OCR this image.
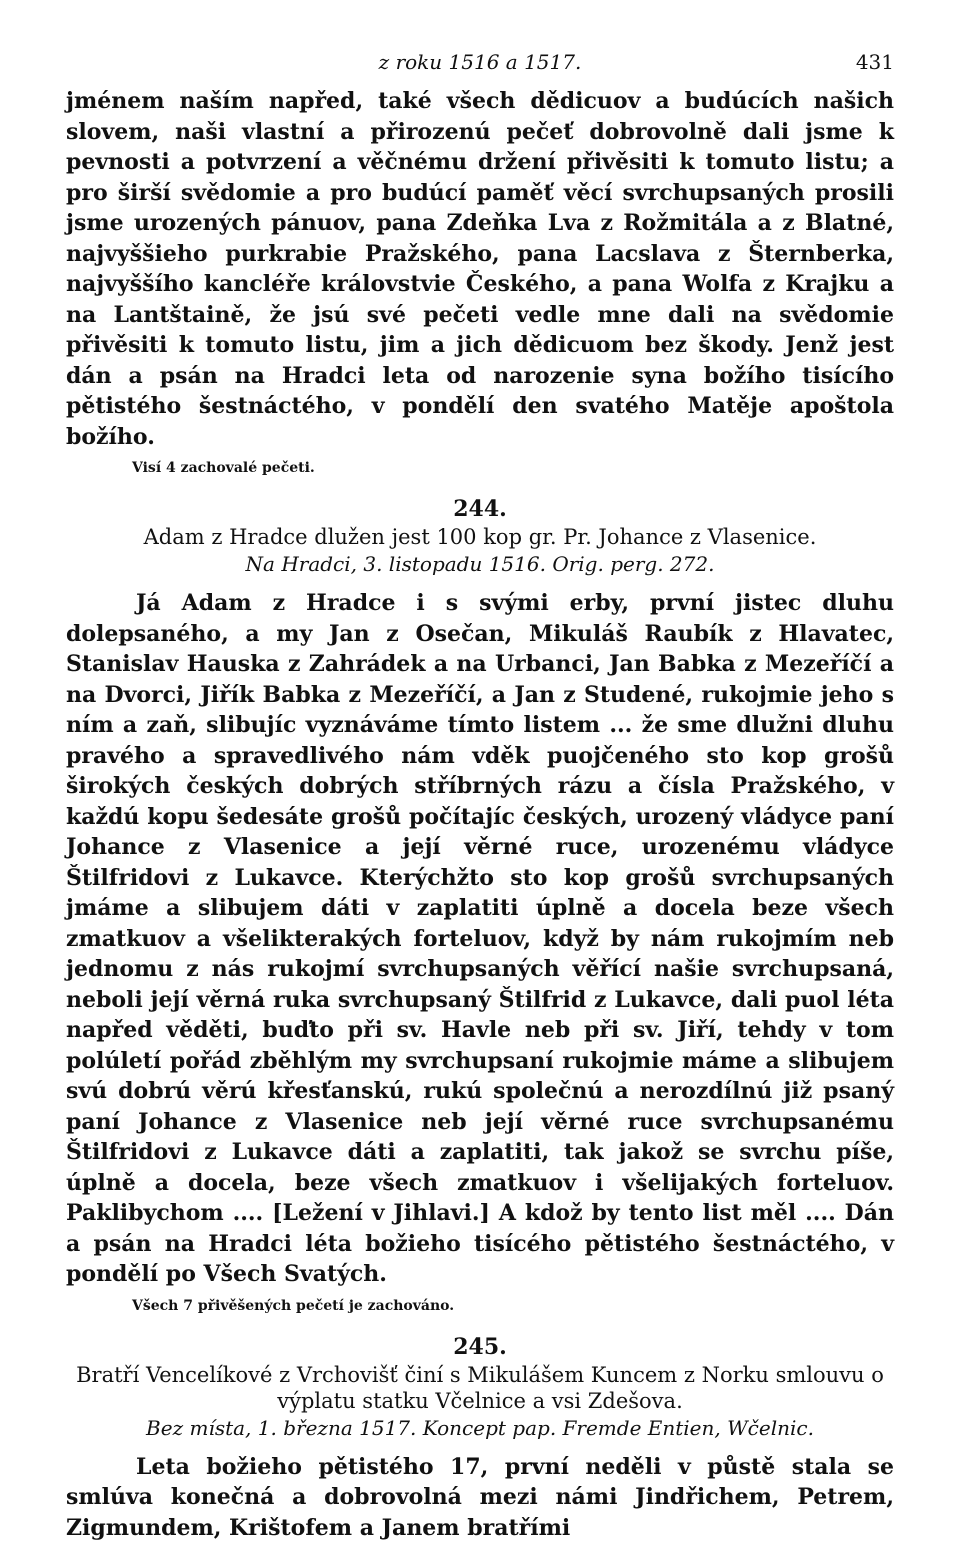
z roku 1516 a 1517.	431

jménem naším napřed, také všech dědicuov a budúcích našich slovem, naši vlastní a přirozenú pečeť dobrovolně dali jsme k pevnosti a potvrzení a věčnému držení přivěsiti k tomuto listu; a pro širší svědomie a pro budúcí paměť věcí svrchupsaných prosili jsme urozených pánuov, pana Zdeňka Lva z Rožmitála a z Blatné, najvyššieho purkrabie Pražského, pana Lacslava z Šternberka, najvyššího kancléře královstvie Českého, a pana Wolfa z Krajku a na Lantštaině, že jsú své pečeti vedle mne dali na svědomie přivěsiti k tomuto listu, jim a jich dědicuom bez škody. Jenž jest dán a psán na Hradci leta od narozenie syna božího tisícího pětistého šestnáctého, v pondělí den svatého Matěje apoštola božího.

Visí 4 zachovalé pečeti.

244.
Adam z Hradce dlužen jest 100 kop gr. Pr. Johance z Vlasenice.
Na Hradci, 3. listopadu 1516. Orig. perg. 272.

Já Adam z Hradce i s svými erby, první jistec dluhu dolepsaného, a my Jan z Osečan, Mikuláš Raubík z Hlavatec, Stanislav Hauska z Zahrádek a na Urbanci, Jan Babka z Mezeříčí a na Dvorci, Jiřík Babka z Mezeříčí, a Jan z Studené, rukojmie jeho s ním a zaň, slibujíc vyznáváme tímto listem ... že sme dlužni dluhu pravého a spravedlivého nám vděk puojčeného sto kop grošů širokých českých dobrých stříbrných rázu a čísla Pražského, v každú kopu šedesáte grošů počítajíc českých, urozený vládyce paní Johance z Vlasenice a její věrné ruce, urozenému vládyce Štilfridovi z Lukavce. Kterýchžto sto kop grošů svrchupsaných jmáme a slibujem dáti v zaplatiti úplně a docela beze všech zmatkuov a všelikterakých forteluov, když by nám rukojmím neb jednomu z nás rukojmí svrchupsaných věřící našie svrchupsaná, neboli její věrná ruka svrchupsaný Štilfrid z Lukavce, dali puol léta napřed věděti, buďto při sv. Havle neb při sv. Jiří, tehdy v tom polúletí pořád zběhlým my svrchupsaní rukojmie máme a slibujem svú dobrú věrú křesťanskú, rukú společnú a nerozdílnú již psaný paní Johance z Vlasenice neb její věrné ruce svrchupsanému Štilfridovi z Lukavce dáti a zaplatiti, tak jakož se svrchu píše, úplně a docela, beze všech zmatkuov i všelijakých forteluov. Paklibychom .... [Ležení v Jihlavi.] A kdož by tento list měl .... Dán a psán na Hradci léta božieho tisícého pětistého šestnáctého, v pondělí po Všech Svatých.

Všech 7 přivěšených pečetí je zachováno.

245.
Bratří Vencelíkové z Vrchovišť činí s Mikulášem Kuncem z Norku smlouvu o výplatu statku Včelnice a vsi Zdešova.
Bez místa, 1. března 1517. Koncept pap. Fremde Entien, Wčelnic.

Leta božieho pětistého 17, první neděli v půstě stala se smlúva konečná a dobrovolná mezi námi Jindřichem, Petrem, Zigmundem, Krištofem a Janem bratřími
